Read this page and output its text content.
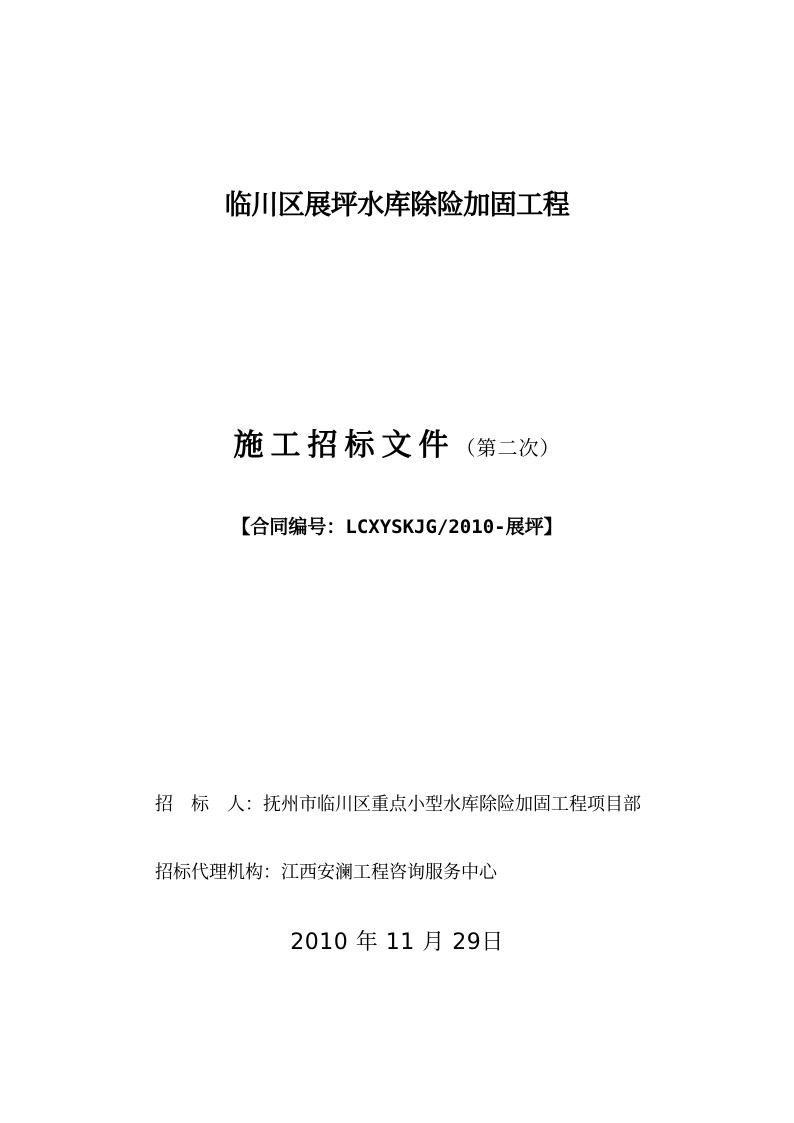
临川区展坪水库除险加固工程
施工招标文件（第二次）
【合同编号：LCXYSKJG/2010-展坪】
招　标　人：抚州市临川区重点小型水库除险加固工程项目部
招标代理机构：江西安澜工程咨询服务中心
2010 年 11 月 29日
